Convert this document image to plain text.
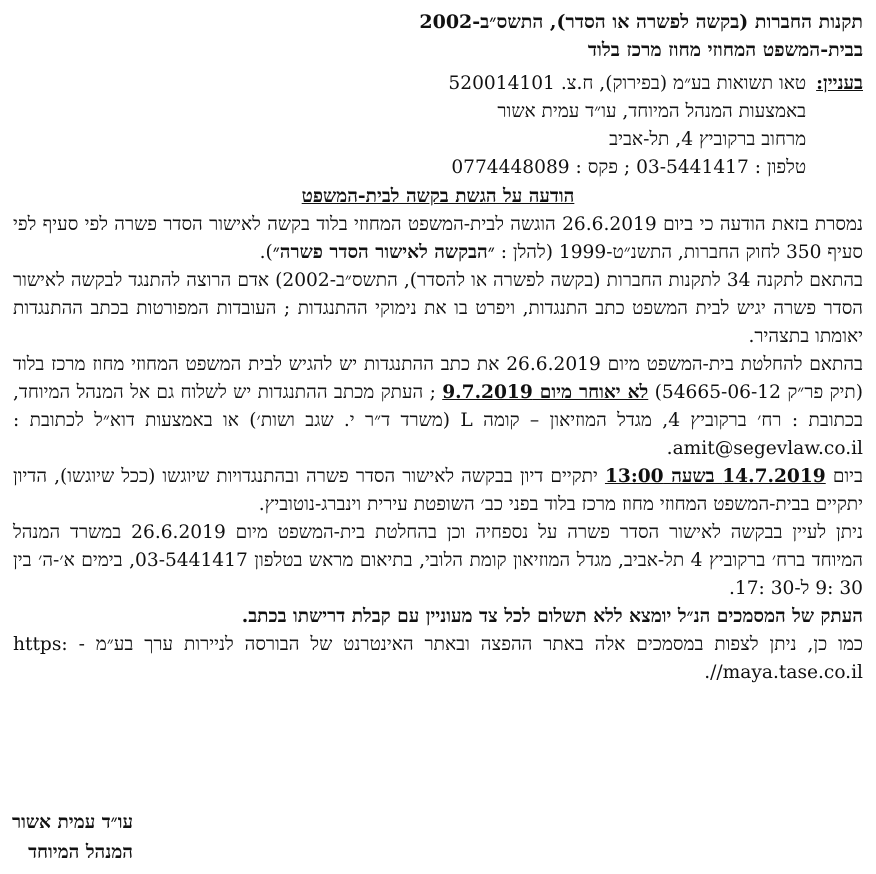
תקנות החברות (בקשה לפשרה או הסדר), התשס״ב-2002
בבית-המשפט המחוזי מחוז מרכז בלוד
בעניין:
טאו תשואות בע״מ (בפירוק), ח.צ. 520014101
באמצעות המנהל המיוחד, עו״ד עמית אשור
מרחוב ברקוביץ 4, תל-אביב
טלפון : 03-5441417 ; פקס : 0774448089
הודעה על הגשת בקשה לבית-המשפט
נמסרת בזאת הודעה כי ביום 26.6.2019 הוגשה לבית-המשפט המחוזי בלוד בקשה לאישור הסדר פשרה לפי סעיף לפי סעיף 350 לחוק החברות, התשנ״ט-1999 (להלן : ״הבקשה לאישור הסדר פשרה״).
בהתאם לתקנה 34 לתקנות החברות (בקשה לפשרה או להסדר), התשס״ב-2002) אדם הרוצה להתנגד לבקשה לאישור הסדר פשרה יגיש לבית המשפט כתב התנגדות, ויפרט בו את נימוקי ההתנגדות ; העובדות המפורטות בכתב ההתנגדות יאומתו בתצהיר.
בהתאם להחלטת בית-המשפט מיום 26.6.2019 את כתב ההתנגדות יש להגיש לבית המשפט המחוזי מחוז מרכז בלוד (תיק פר״ק 54665-06-12) לא יאוחר מיום 9.7.2019 ; העתק מכתב ההתנגדות יש לשלוח גם אל המנהל המיוחד, בכתובת : רח׳ ברקוביץ 4, מגדל המוזיאון – קומה L (משרד ד״ר י. שגב ושות׳) או באמצעות דוא״ל לכתובת : amit@segevlaw.co.il.
ביום 14.7.2019 בשעה 13:00 יתקיים דיון בבקשה לאישור הסדר פשרה ובהתנגדויות שיוגשו (ככל שיוגשו), הדיון יתקיים בבית-המשפט המחוזי מחוז מרכז בלוד בפני כב׳ השופטת עירית וינברג-נוטוביץ.
ניתן לעיין בבקשה לאישור הסדר פשרה על נספחיה וכן בהחלטת בית-המשפט מיום 26.6.2019 במשרד המנהל המיוחד ברח׳ ברקוביץ 4 תל-אביב, מגדל המוזיאון קומת הלובי, בתיאום מראש בטלפון 03-5441417, בימים א׳-ה׳ בין 30 :9 ל-30 :17.
העתק של המסמכים הנ״ל יומצא ללא תשלום לכל צד מעוניין עם קבלת דרישתו בכתב.
כמו כן, ניתן לצפות במסמכים אלה באתר ההפצה ובאתר האינטרנט של הבורסה לניירות ערך בע״מ - https: //maya.tase.co.il.
עו״ד עמית אשור
המנהל המיוחד
